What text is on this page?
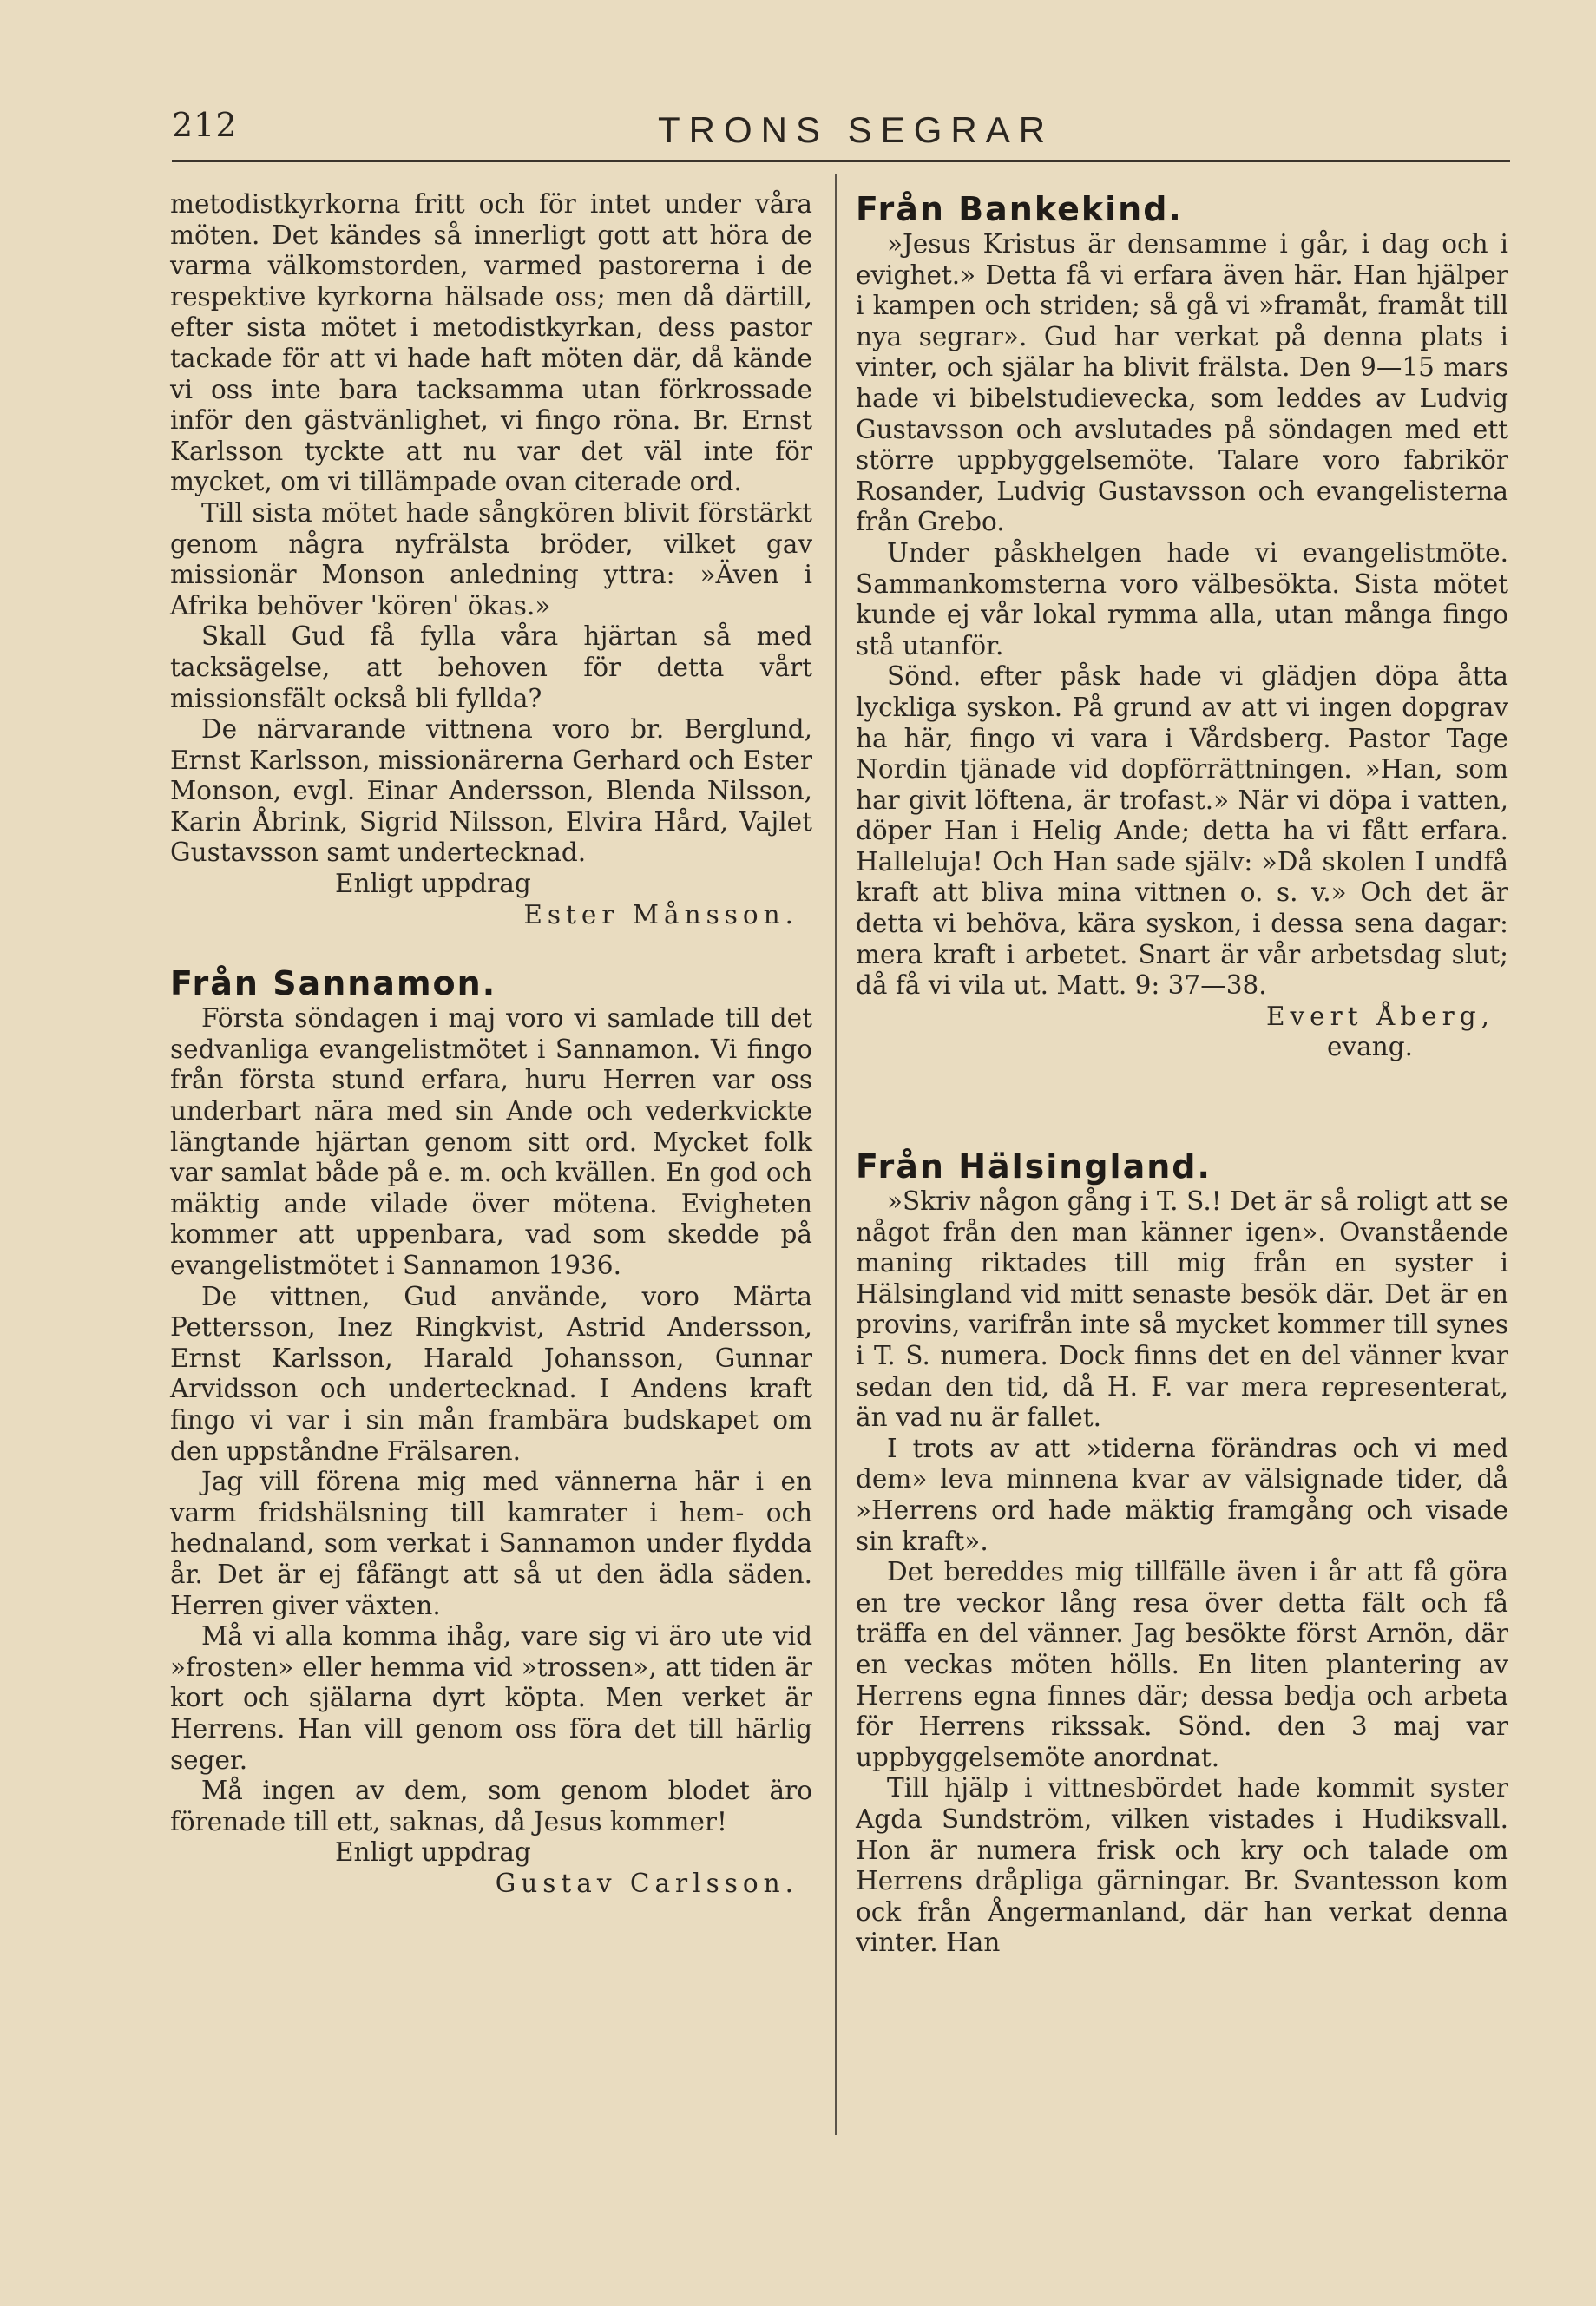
212	TRONS SEGRAR

metodistkyrkorna fritt och för intet under våra möten. Det kändes så innerligt gott att höra de varma välkomstorden, varmed pastorerna i de respektive kyrkorna hälsade oss; men då därtill, efter sista mötet i metodistkyrkan, dess pastor tackade för att vi hade haft möten där, då kände vi oss inte bara tacksamma utan förkrossade inför den gästvänlighet, vi fingo röna. Br. Ernst Karlsson tyckte att nu var det väl inte för mycket, om vi tillämpade ovan citerade ord.

Till sista mötet hade sångkören blivit förstärkt genom några nyfrälsta bröder, vilket gav missionär Monson anledning yttra: »Även i Afrika behöver 'kören' ökas.»

Skall Gud få fylla våra hjärtan så med tacksägelse, att behoven för detta vårt missionsfält också bli fyllda?

De närvarande vittnena voro br. Berglund, Ernst Karlsson, missionärerna Gerhard och Ester Monson, evgl. Einar Andersson, Blenda Nilsson, Karin Åbrink, Sigrid Nilsson, Elvira Hård, Vajlet Gustavsson samt undertecknad.

Enligt uppdrag

Ester Månsson.

Från Sannamon.

Första söndagen i maj voro vi samlade till det sedvanliga evangelistmötet i Sannamon. Vi fingo från första stund erfara, huru Herren var oss underbart nära med sin Ande och vederkvickte längtande hjärtan genom sitt ord. Mycket folk var samlat både på e. m. och kvällen. En god och mäktig ande vilade över mötena. Evigheten kommer att uppenbara, vad som skedde på evangelistmötet i Sannamon 1936.

De vittnen, Gud använde, voro Märta Pettersson, Inez Ringkvist, Astrid Andersson, Ernst Karlsson, Harald Johansson, Gunnar Arvidsson och undertecknad. I Andens kraft fingo vi var i sin mån frambära budskapet om den uppståndne Frälsaren.

Jag vill förena mig med vännerna här i en varm fridshälsning till kamrater i hem- och hednaland, som verkat i Sannamon under flydda år. Det är ej fåfängt att så ut den ädla säden. Herren giver växten.

Må vi alla komma ihåg, vare sig vi äro ute vid »frosten» eller hemma vid »trossen», att tiden är kort och själarna dyrt köpta. Men verket är Herrens. Han vill genom oss föra det till härlig seger.

Må ingen av dem, som genom blodet äro förenade till ett, saknas, då Jesus kommer!

Enligt uppdrag

Gustav Carlsson.

Från Bankekind.

»Jesus Kristus är densamme i går, i dag och i evighet.» Detta få vi erfara även här. Han hjälper i kampen och striden; så gå vi »framåt, framåt till nya segrar». Gud har verkat på denna plats i vinter, och själar ha blivit frälsta. Den 9—15 mars hade vi bibelstudievecka, som leddes av Ludvig Gustavsson och avslutades på söndagen med ett större uppbyggelsemöte. Talare voro fabrikör Rosander, Ludvig Gustavsson och evangelisterna från Grebo.

Under påskhelgen hade vi evangelistmöte. Sammankomsterna voro välbesökta. Sista mötet kunde ej vår lokal rymma alla, utan många fingo stå utanför.

Sönd. efter påsk hade vi glädjen döpa åtta lyckliga syskon. På grund av att vi ingen dopgrav ha här, fingo vi vara i Vårdsberg. Pastor Tage Nordin tjänade vid dopförrättningen. »Han, som har givit löftena, är trofast.» När vi döpa i vatten, döper Han i Helig Ande; detta ha vi fått erfara. Halleluja! Och Han sade själv: »Då skolen I undfå kraft att bliva mina vittnen o. s. v.» Och det är detta vi behöva, kära syskon, i dessa sena dagar: mera kraft i arbetet. Snart är vår arbetsdag slut; då få vi vila ut. Matt. 9: 37—38.

Evert Åberg,

evang.

Från Hälsingland.

»Skriv någon gång i T. S.! Det är så roligt att se något från den man känner igen». Ovanstående maning riktades till mig från en syster i Hälsingland vid mitt senaste besök där. Det är en provins, varifrån inte så mycket kommer till synes i T. S. numera. Dock finns det en del vänner kvar sedan den tid, då H. F. var mera representerat, än vad nu är fallet.

I trots av att »tiderna förändras och vi med dem» leva minnena kvar av välsignade tider, då »Herrens ord hade mäktig framgång och visade sin kraft».

Det bereddes mig tillfälle även i år att få göra en tre veckor lång resa över detta fält och få träffa en del vänner. Jag besökte först Arnön, där en veckas möten hölls. En liten plantering av Herrens egna finnes där; dessa bedja och arbeta för Herrens rikssak. Sönd. den 3 maj var uppbyggelsemöte anordnat.

Till hjälp i vittnesbördet hade kommit syster Agda Sundström, vilken vistades i Hudiksvall. Hon är numera frisk och kry och talade om Herrens dråpliga gärningar. Br. Svantesson kom ock från Ångermanland, där han verkat denna vinter. Han
